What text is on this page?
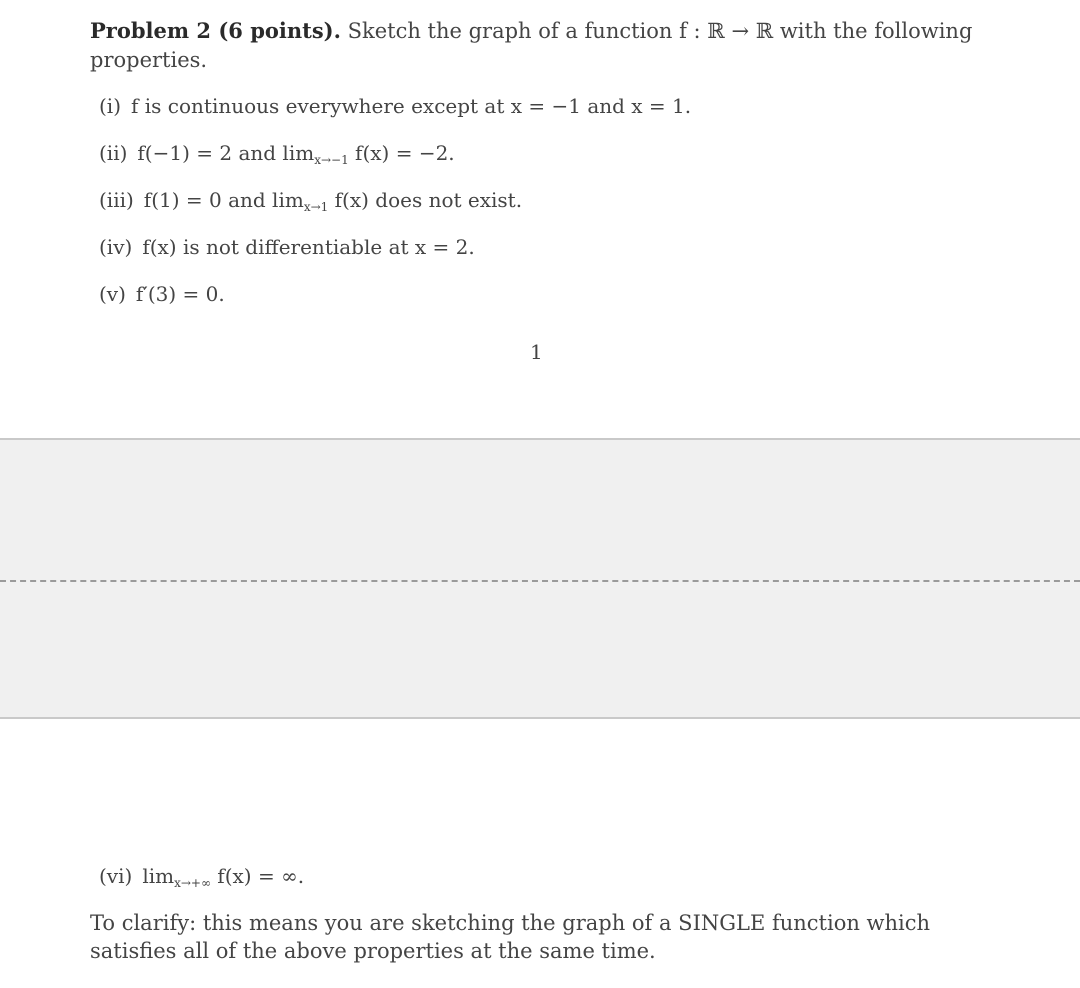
Problem 2 (6 points). Sketch the graph of a function f : ℝ → ℝ with the following properties.
(i) f is continuous everywhere except at x = −1 and x = 1.
(ii) f(−1) = 2 and $\lim_{x\to-1} f(x) = -2$.
(iii) f(1) = 0 and $\lim_{x\to 1} f(x)$ does not exist.
(iv) f(x) is not differentiable at x = 2.
(v) f′(3) = 0.
1
(vi) $\lim_{x\to+\infty} f(x)$ = ∞.
To clarify: this means you are sketching the graph of a SINGLE function which satisfies all of the above properties at the same time.
